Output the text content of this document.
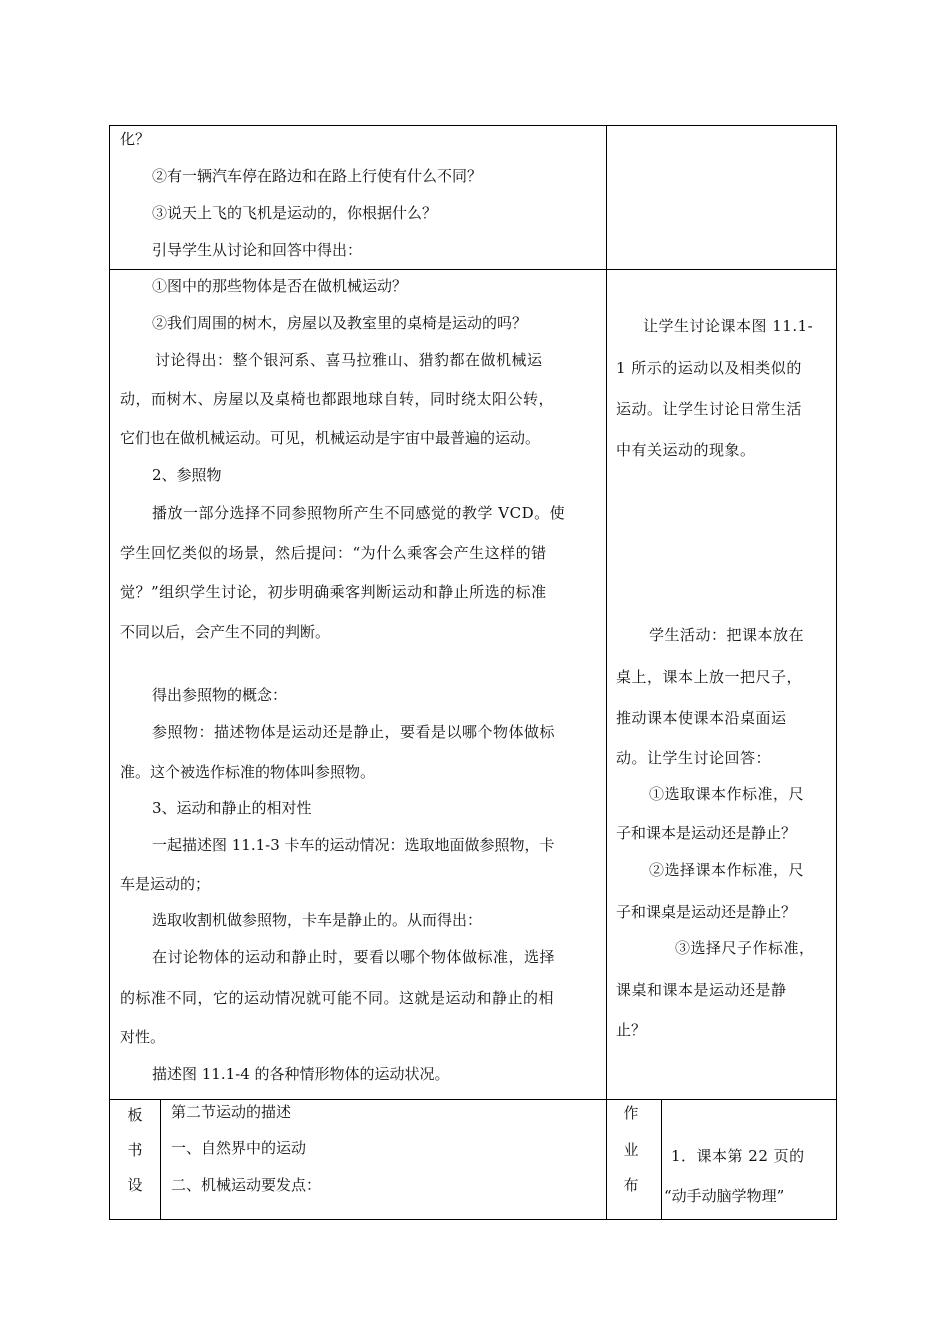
化？
②有一辆汽车停在路边和在路上行使有什么不同？
③说天上飞的飞机是运动的，你根据什么？
引导学生从讨论和回答中得出：
①图中的那些物体是否在做机械运动？
②我们周围的树木，房屋以及教室里的桌椅是运动的吗？
讨论得出：整个银河系、喜马拉雅山、猎豹都在做机械运
动，而树木、房屋以及桌椅也都跟地球自转，同时绕太阳公转，
它们也在做机械运动。可见，机械运动是宇宙中最普遍的运动。
2、参照物
播放一部分选择不同参照物所产生不同感觉的教学 VCD。使
学生回忆类似的场景，然后提问：“为什么乘客会产生这样的错
觉？”组织学生讨论，初步明确乘客判断运动和静止所选的标准
不同以后，会产生不同的判断。
得出参照物的概念：
参照物：描述物体是运动还是静止，要看是以哪个物体做标
准。这个被选作标准的物体叫参照物。
3、运动和静止的相对性
一起描述图 11.1-3 卡车的运动情况：选取地面做参照物，卡
车是运动的；
选取收割机做参照物，卡车是静止的。从而得出：
在讨论物体的运动和静止时，要看以哪个物体做标准，选择
的标准不同，它的运动情况就可能不同。这就是运动和静止的相
对性。
描述图 11.1-4 的各种情形物体的运动状况。
让学生讨论课本图 11.1-
1 所示的运动以及相类似的
运动。让学生讨论日常生活
中有关运动的现象。
学生活动：把课本放在
桌上，课本上放一把尺子，
推动课本使课本沿桌面运
动。让学生讨论回答：
①选取课本作标准，尺
子和课本是运动还是静止？
②选择课本作标准，尺
子和课桌是运动还是静止？
③选择尺子作标准，
课桌和课本是运动还是静
止？
板
书
设
第二节运动的描述
一、自然界中的运动
二、机械运动要发点：
作
业
布
1．课本第 22 页的
“动手动脑学物理”
